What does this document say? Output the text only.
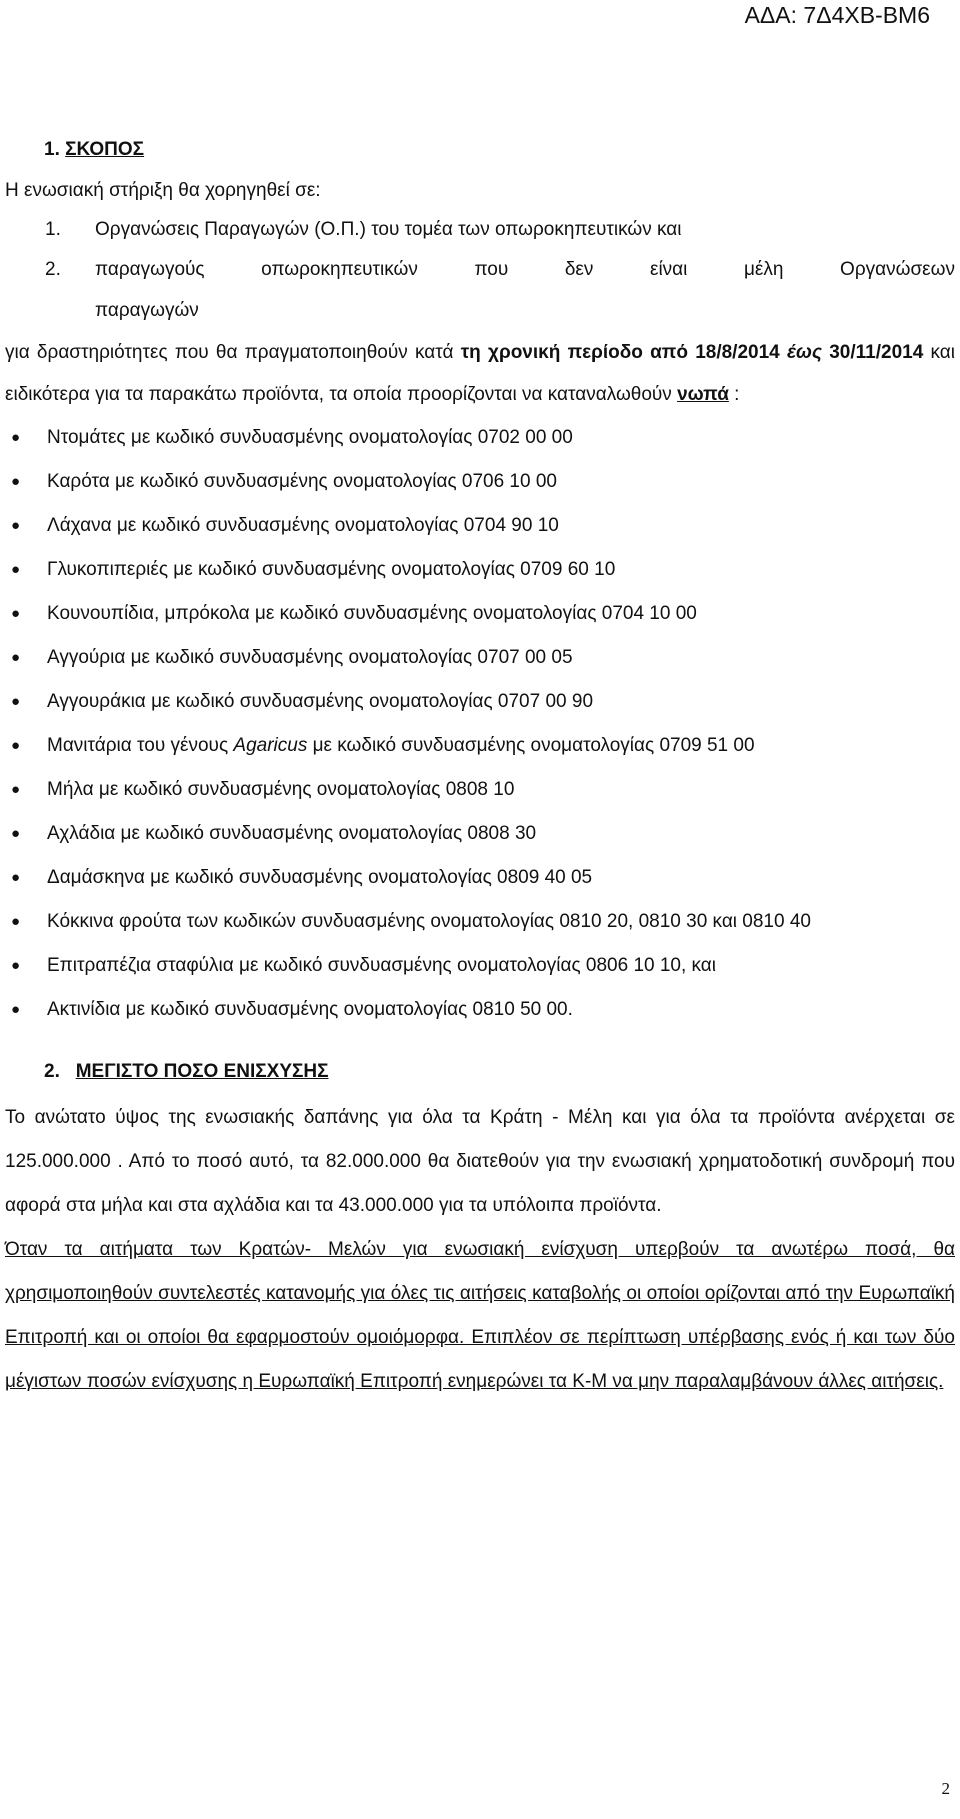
ΑΔΑ: 7Δ4ΧΒ-ΒΜ6
1. ΣΚΟΠΟΣ

Η ενωσιακή στήριξη θα χορηγηθεί σε:

1.	Οργανώσεις Παραγωγών (Ο.Π.) του τομέα των οπωροκηπευτικών και
2.	παραγωγούς οπωροκηπευτικών που δεν είναι μέλη Οργανώσεων

παραγωγών

για δραστηριότητες που θα πραγματοποιηθούν κατά τη χρονική περίοδο από 18/8/2014 έως 30/11/2014 και ειδικότερα για τα παρακάτω προϊόντα, τα οποία προορίζονται να καταναλωθούν νωπά :

●	Ντομάτες με κωδικό συνδυασμένης ονοματολογίας 0702 00 00
●	Καρότα με κωδικό συνδυασμένης ονοματολογίας 0706 10 00
●	Λάχανα με κωδικό συνδυασμένης ονοματολογίας 0704 90 10
●	Γλυκοπιπεριές με κωδικό συνδυασμένης ονοματολογίας 0709 60 10
●	Κουνουπίδια, μπρόκολα με κωδικό συνδυασμένης ονοματολογίας 0704 10 00
●	Αγγούρια με κωδικό συνδυασμένης ονοματολογίας 0707 00 05
●	Αγγουράκια με κωδικό συνδυασμένης ονοματολογίας 0707 00 90
●	Μανιτάρια του γένους Agaricus με κωδικό συνδυασμένης ονοματολογίας 0709 51 00
●	Μήλα με κωδικό συνδυασμένης ονοματολογίας 0808 10
●	Αχλάδια με κωδικό συνδυασμένης ονοματολογίας 0808 30
●	Δαμάσκηνα με κωδικό συνδυασμένης ονοματολογίας 0809 40 05
●	Κόκκινα φρούτα των κωδικών συνδυασμένης ονοματολογίας 0810 20, 0810 30 και 0810 40
●	Επιτραπέζια σταφύλια με κωδικό συνδυασμένης ονοματολογίας 0806 10 10, και
●	Ακτινίδια με κωδικό συνδυασμένης ονοματολογίας 0810 50 00.
2. ΜΕΓΙΣΤΟ ΠΟΣΟ ΕΝΙΣΧΥΣΗΣ

Το ανώτατο ύψος της ενωσιακής δαπάνης για όλα τα Κράτη - Μέλη και για όλα τα προϊόντα ανέρχεται σε 125.000.000 . Από το ποσό αυτό, τα 82.000.000 θα διατεθούν για την ενωσιακή χρηματοδοτική συνδρομή που αφορά στα μήλα και στα αχλάδια και τα 43.000.000 για τα υπόλοιπα προϊόντα.

Όταν τα αιτήματα των Κρατών- Μελών για ενωσιακή ενίσχυση υπερβούν τα ανωτέρω ποσά, θα χρησιμοποιηθούν συντελεστές κατανομής για όλες τις αιτήσεις καταβολής οι οποίοι ορίζονται από την Ευρωπαϊκή Επιτροπή και οι οποίοι θα εφαρμοστούν ομοιόμορφα. Επιπλέον σε περίπτωση υπέρβασης ενός ή και των δύο μέγιστων ποσών ενίσχυσης η Ευρωπαϊκή Επιτροπή ενημερώνει τα Κ-Μ να μην παραλαμβάνουν άλλες αιτήσεις.

2
